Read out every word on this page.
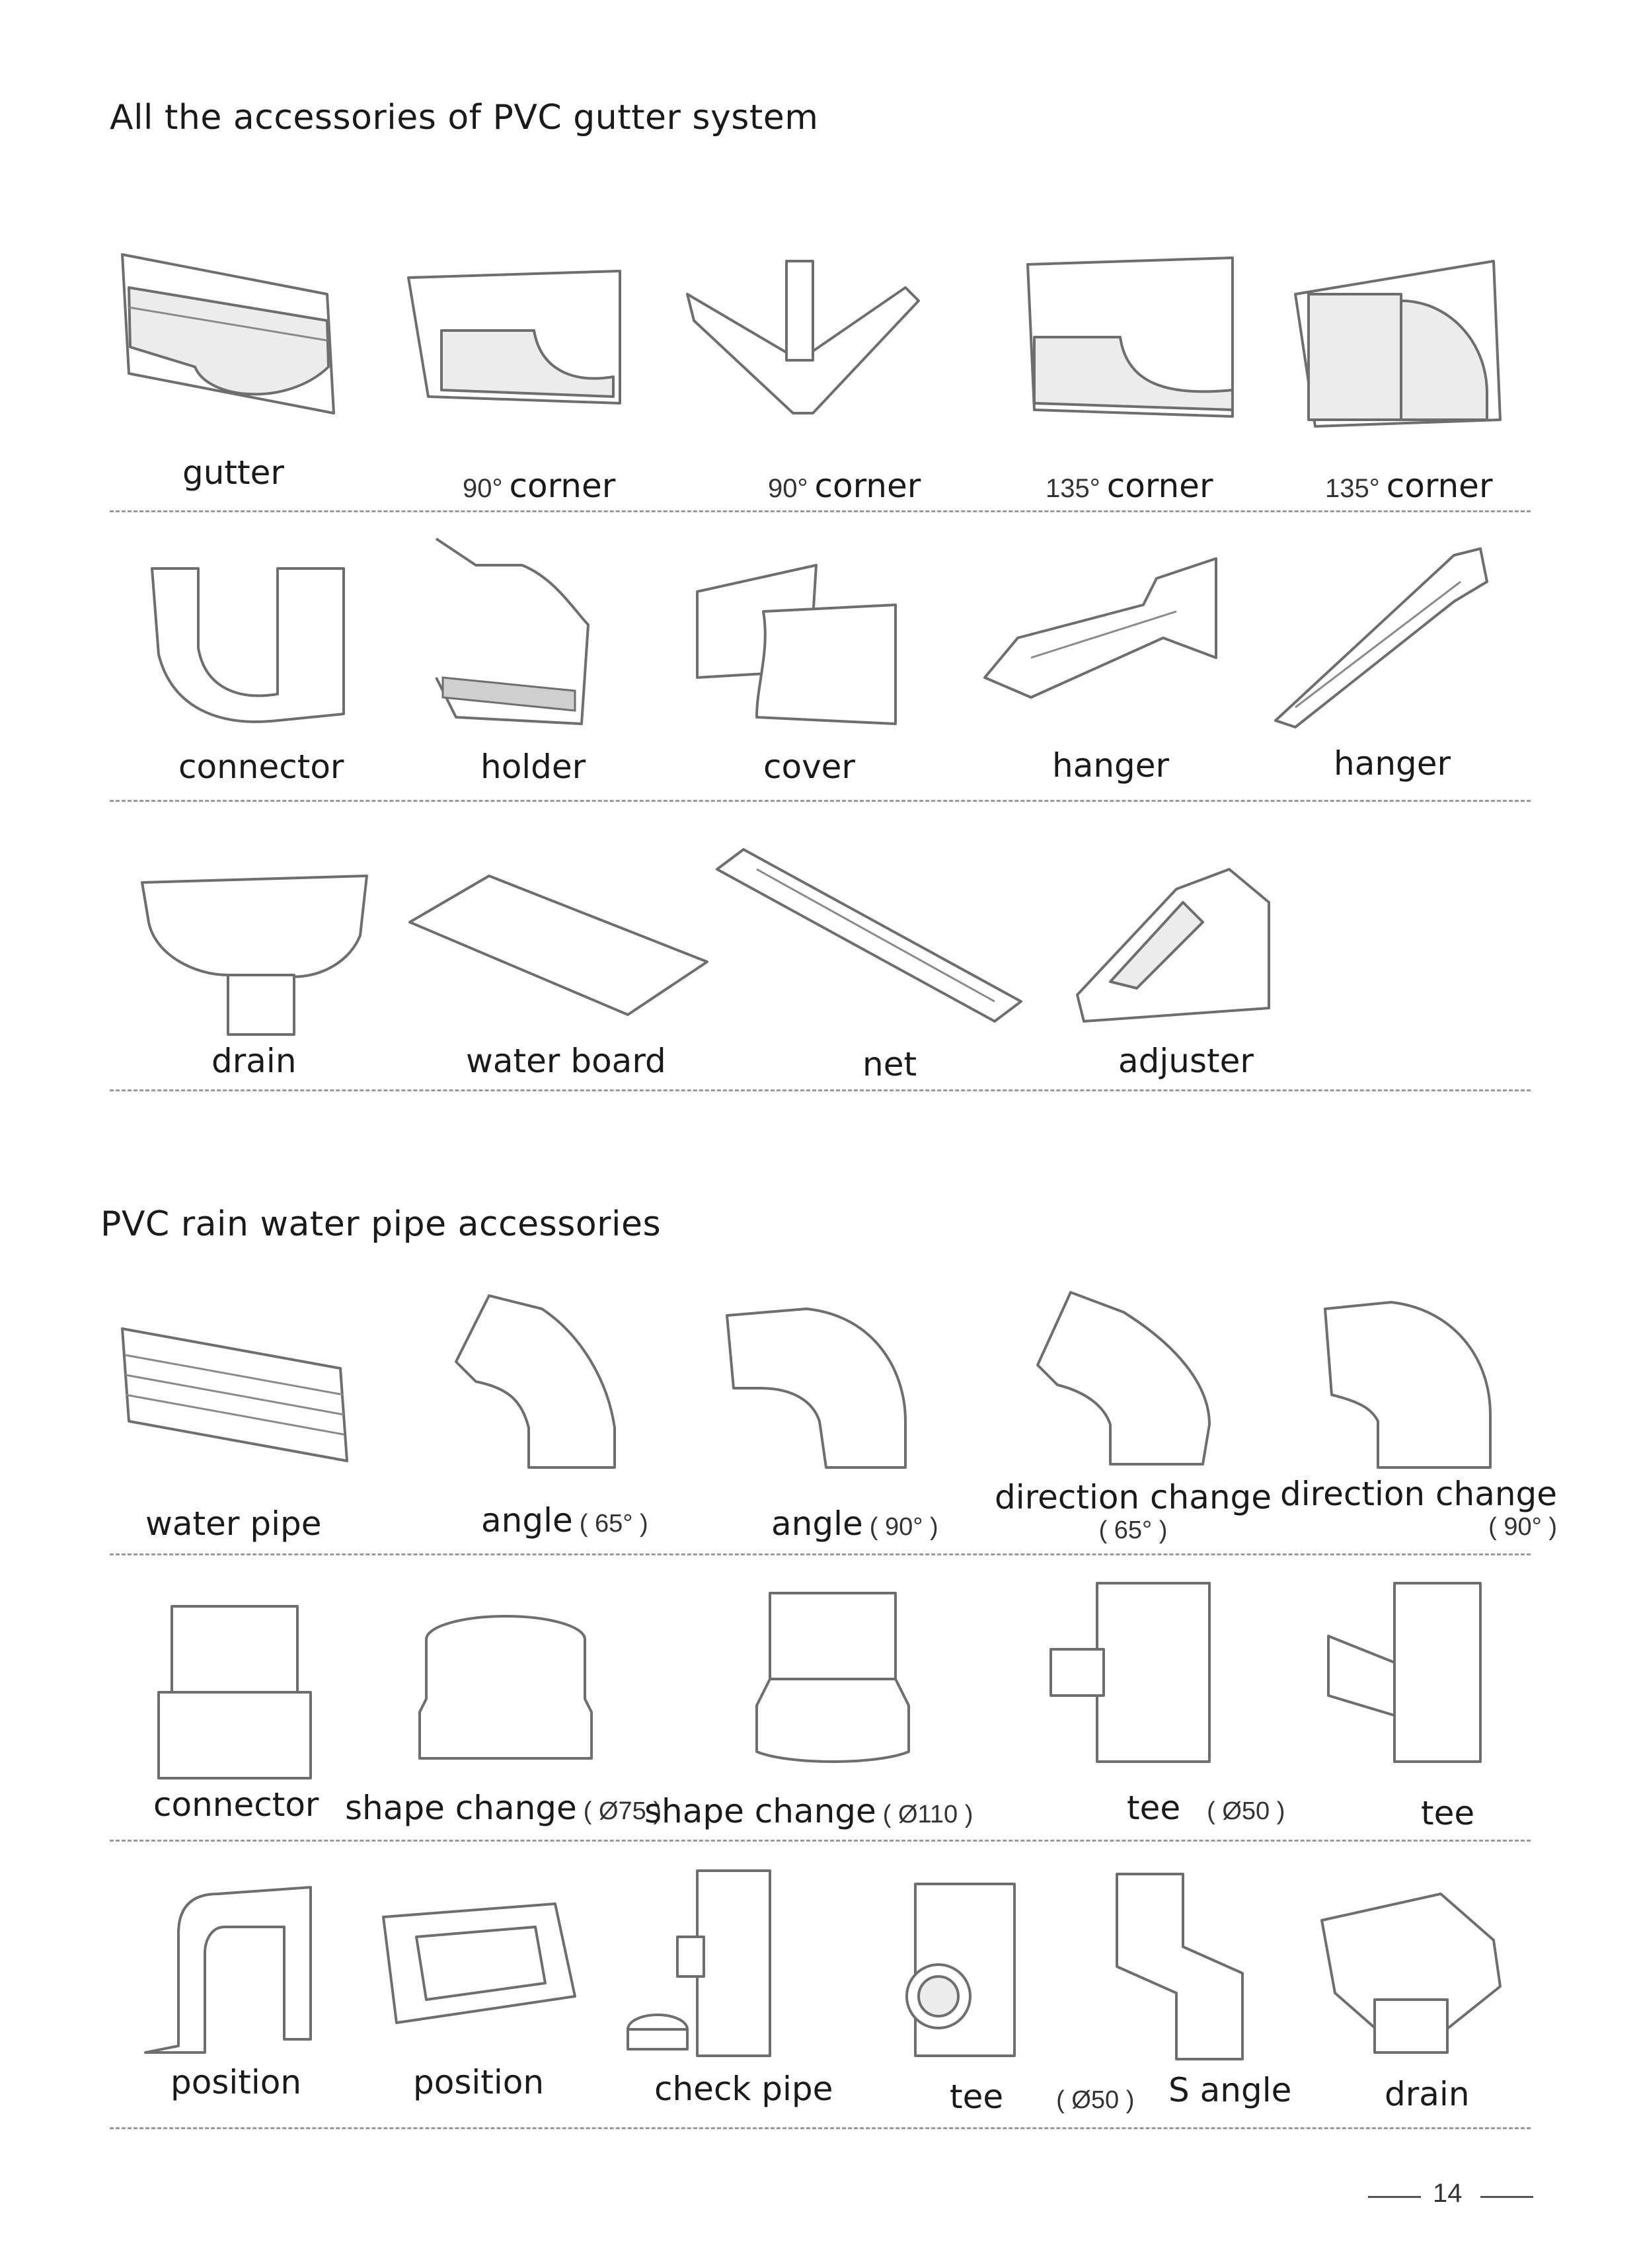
All the accessories of PVC gutter system
gutter	90° corner	90° corner	135° corner	135° corner
connector	holder	cover	hanger	hanger
drain	water board	net	adjuster
PVC rain water pipe accessories
water pipe	angle ( 65° )	angle ( 90° )
direction change
( 65° )
direction change
( 90° )
connector shape change ( Ø75 )
shape change ( Ø110 )	tee ( Ø50 )	tee
position	position	check pipe	tee ( Ø50 ) S angle	drain
14
